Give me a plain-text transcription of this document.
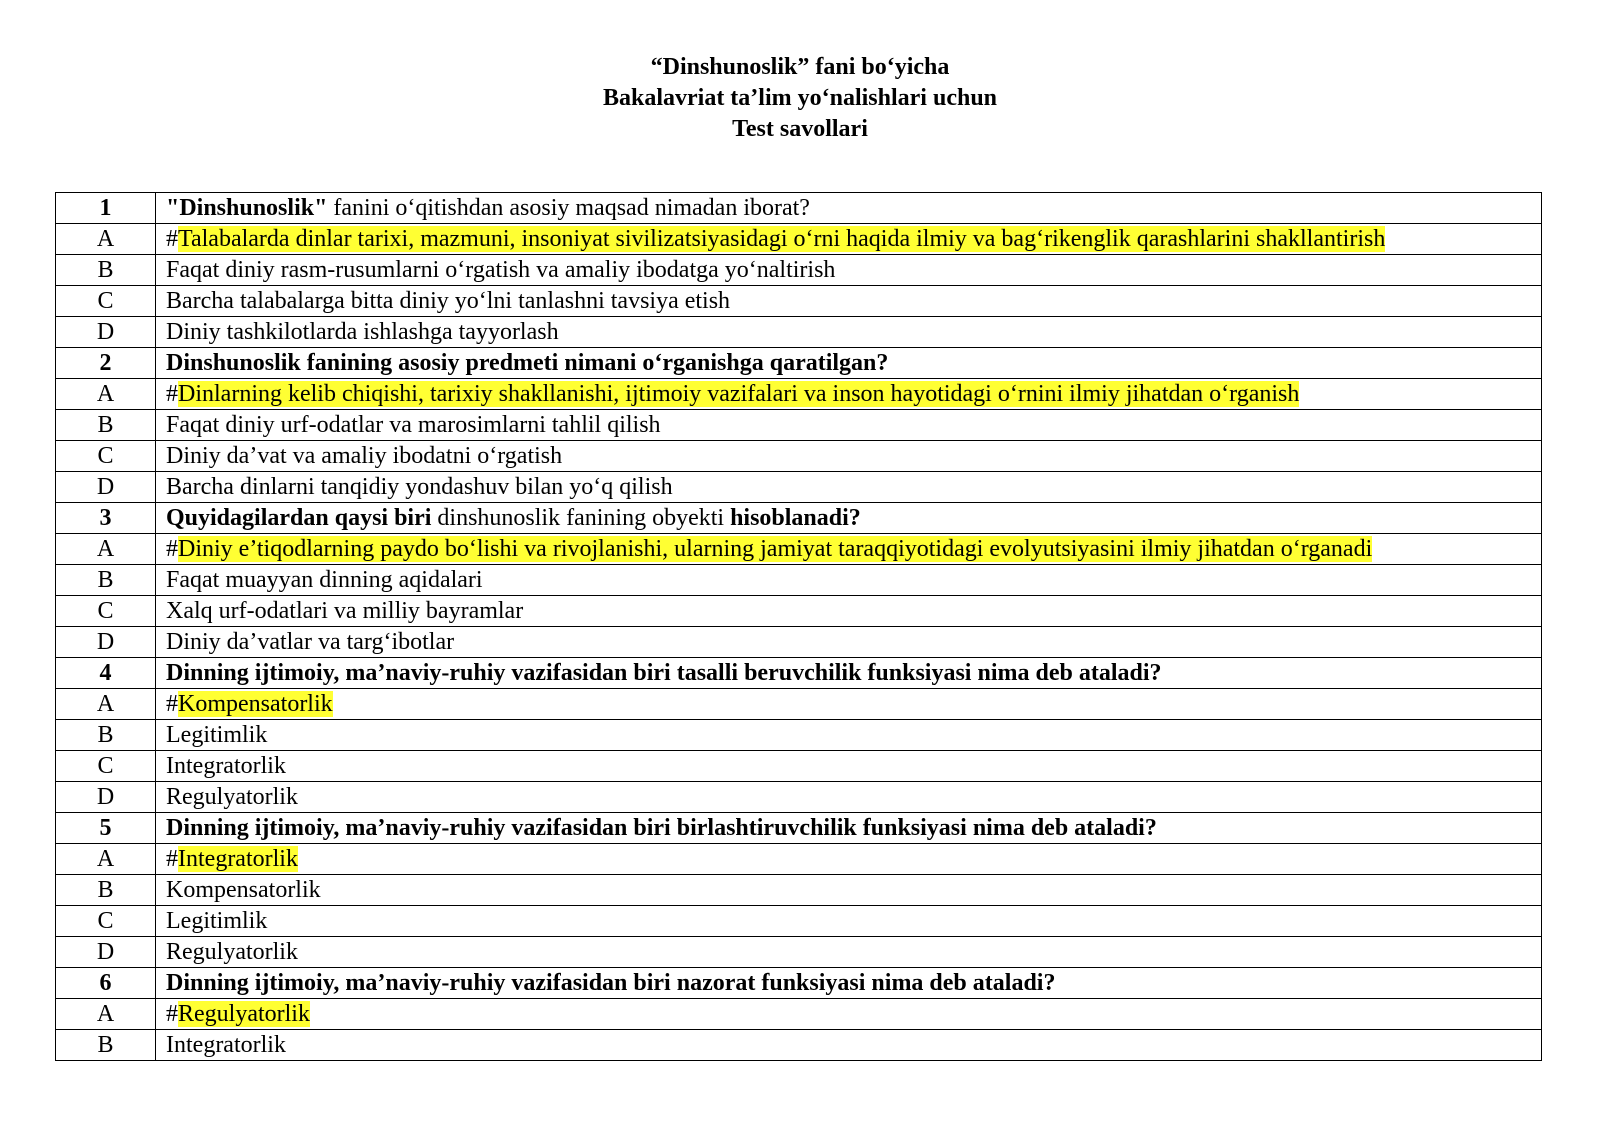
“Dinshunoslik” fani bo‘yicha
Bakalavriat ta’lim yo‘nalishlari uchun
Test savollari
1	"Dinshunoslik" fanini o‘qitishdan asosiy maqsad nimadan iborat?
A	#Talabalarda dinlar tarixi, mazmuni, insoniyat sivilizatsiyasidagi o‘rni haqida ilmiy va bag‘rikenglik qarashlarini shakllantirish
B	Faqat diniy rasm-rusumlarni o‘rgatish va amaliy ibodatga yo‘naltirish
C	Barcha talabalarga bitta diniy yo‘lni tanlashni tavsiya etish
D	Diniy tashkilotlarda ishlashga tayyorlash
2	Dinshunoslik fanining asosiy predmeti nimani o‘rganishga qaratilgan?
A	#Dinlarning kelib chiqishi, tarixiy shakllanishi, ijtimoiy vazifalari va inson hayotidagi o‘rnini ilmiy jihatdan o‘rganish
B	Faqat diniy urf-odatlar va marosimlarni tahlil qilish
C	Diniy da’vat va amaliy ibodatni o‘rgatish
D	Barcha dinlarni tanqidiy yondashuv bilan yo‘q qilish
3	Quyidagilardan qaysi biri dinshunoslik fanining obyekti hisoblanadi?
A	#Diniy e’tiqodlarning paydo bo‘lishi va rivojlanishi, ularning jamiyat taraqqiyotidagi evolyutsiyasini ilmiy jihatdan o‘rganadi
B	Faqat muayyan dinning aqidalari
C	Xalq urf-odatlari va milliy bayramlar
D	Diniy da’vatlar va targ‘ibotlar
4	Dinning ijtimoiy, ma’naviy-ruhiy vazifasidan biri tasalli beruvchilik funksiyasi nima deb ataladi?
A	#Kompensatorlik
B	Legitimlik
C	Integratorlik
D	Regulyatorlik
5	Dinning ijtimoiy, ma’naviy-ruhiy vazifasidan biri birlashtiruvchilik funksiyasi nima deb ataladi?
A	#Integratorlik
B	Kompensatorlik
C	Legitimlik
D	Regulyatorlik
6	Dinning ijtimoiy, ma’naviy-ruhiy vazifasidan biri nazorat funksiyasi nima deb ataladi?
A	#Regulyatorlik
B	Integratorlik
